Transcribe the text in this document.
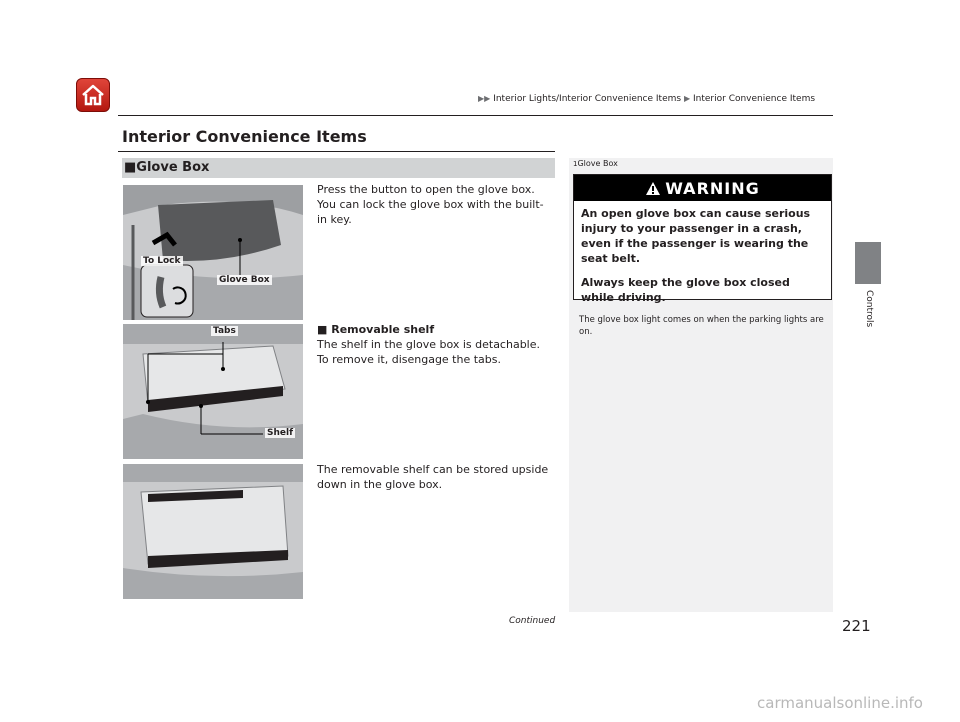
▶▶ Interior Lights/Interior Convenience Items ▶ Interior Convenience Items
Interior Convenience Items
■Glove Box
To Lock
Glove Box
Press the button to open the glove box. You can lock the glove box with the built-in key.
Tabs
Shelf
■ Removable shelf
The shelf in the glove box is detachable. To remove it, disengage the tabs.
The removable shelf can be stored upside down in the glove box.
1Glove Box
WARNING

An open glove box can cause serious injury to your passenger in a crash, even if the passenger is wearing the seat belt.

Always keep the glove box closed while driving.

The glove box light comes on when the parking lights are on.
Continued	221
Controls
carmanualsonline.info
